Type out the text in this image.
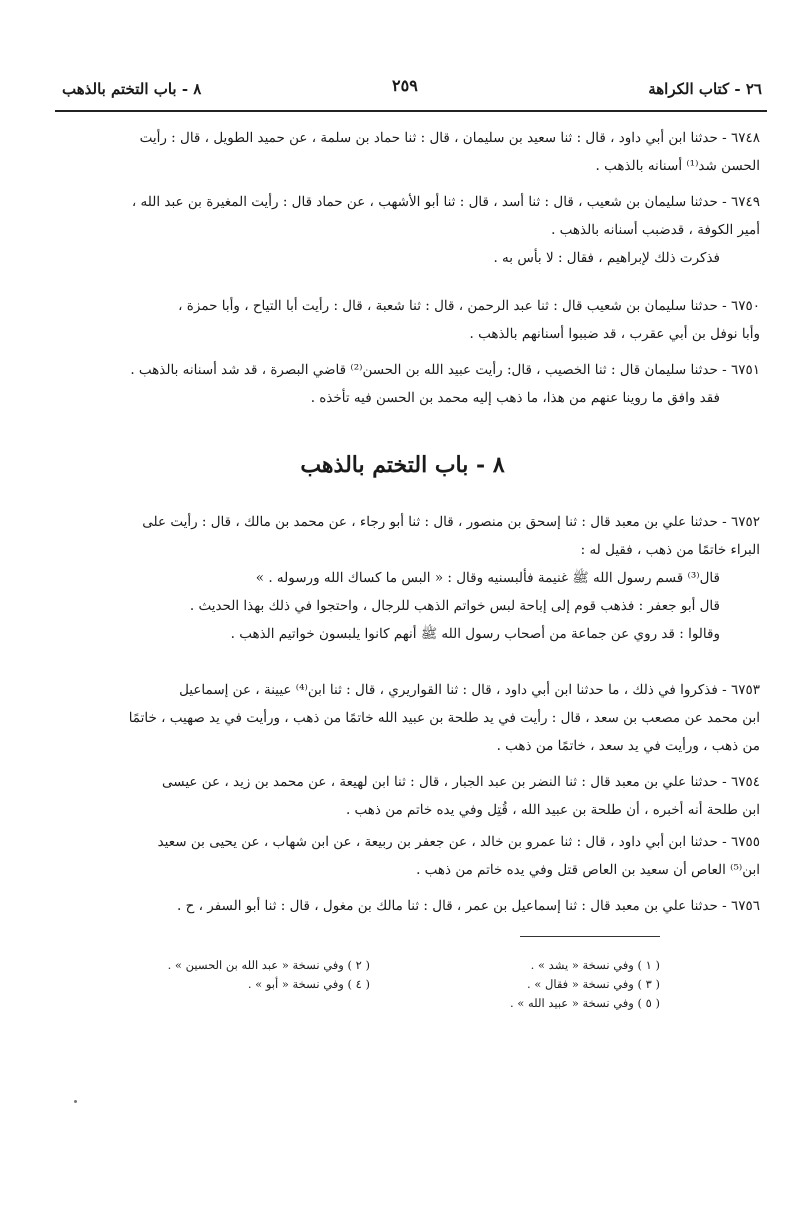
٢٦ - كتاب الكراهة
٢٥٩
٨ - باب التختم بالذهب
٦٧٤٨ - حدثنا ابن أبي داود ، قال : ثنا سعيد بن سليمان ، قال : ثنا حماد بن سلمة ، عن حميد الطويل ، قال : رأيت
الحسن شد⁽¹⁾ أسنانه بالذهب .
٦٧٤٩ - حدثنا سليمان بن شعيب ، قال : ثنا أسد ، قال : ثنا أبو الأشهب ، عن حماد قال : رأيت المغيرة بن عبد الله ،
أمير الكوفة ، قدضبب أسنانه بالذهب .
فذكرت ذلك لإبراهيم ، فقال : لا بأس به .
٦٧٥٠ - حدثنا سليمان بن شعيب قال : ثنا عبد الرحمن ، قال : ثنا شعبة ، قال : رأيت أبا التياح ، وأبا حمزة ،
وأبا نوفل بن أبي عقرب ، قد ضببوا أسنانهم بالذهب .
٦٧٥١ - حدثنا سليمان قال : ثنا الخصيب ، قال: رأيت عبيد الله بن الحسن⁽²⁾ قاضي البصرة ، قد شد أسنانه بالذهب .
فقد وافق ما روينا عنهم من هذا، ما ذهب إليه محمد بن الحسن فيه تأخذه .
٨ - باب التختم بالذهب
٦٧٥٢ - حدثنا علي بن معبد قال : ثنا إسحق بن منصور ، قال : ثنا أبو رجاء ، عن محمد بن مالك ، قال : رأيت على
البراء خاتمًا من ذهب ، فقيل له :
قال⁽³⁾ قسم رسول الله ﷺ غنيمة فألبسنيه وقال : « البس ما كساك الله ورسوله . »
قال أبو جعفر : فذهب قوم إلى إباحة لبس خواتم الذهب للرجال ، واحتجوا في ذلك بهذا الحديث .
وقالوا : قد روي عن جماعة من أصحاب رسول الله ﷺ أنهم كانوا يلبسون خواتيم الذهب .
٦٧٥٣ - فذكروا في ذلك ، ما حدثنا ابن أبي داود ، قال : ثنا القواريري ، قال : ثنا ابن⁽⁴⁾ عيينة ، عن إسماعيل
ابن محمد عن مصعب بن سعد ، قال : رأيت في يد طلحة بن عبيد الله خاتمًا من ذهب ، ورأيت في يد صهيب ، خاتمًا
من ذهب ، ورأيت في يد سعد ، خاتمًا من ذهب .
٦٧٥٤ - حدثنا علي بن معبد قال : ثنا النضر بن عبد الجبار ، قال : ثنا ابن لهيعة ، عن محمد بن زيد ، عن عيسى
ابن طلحة أنه أخبره ، أن طلحة بن عبيد الله ، قُتِل وفي يده خاتم من ذهب .
٦٧٥٥ - حدثنا ابن أبي داود ، قال : ثنا عمرو بن خالد ، عن جعفر بن ربيعة ، عن ابن شهاب ، عن يحيى بن سعيد
ابن⁽⁵⁾ العاص أن سعيد بن العاص قتل وفي يده خاتم من ذهب .
٦٧٥٦ - حدثنا علي بن معبد قال : ثنا إسماعيل بن عمر ، قال : ثنا مالك بن مغول ، قال : ثنا أبو السفر ، ح .
( ١ ) وفي نسخة « يشد » .
( ٣ ) وفي نسخة « فقال » .
( ٥ ) وفي نسخة « عبيد الله » .
( ٢ ) وفي نسخة « عبد الله بن الحسين » .
( ٤ ) وفي نسخة « أبو » .
